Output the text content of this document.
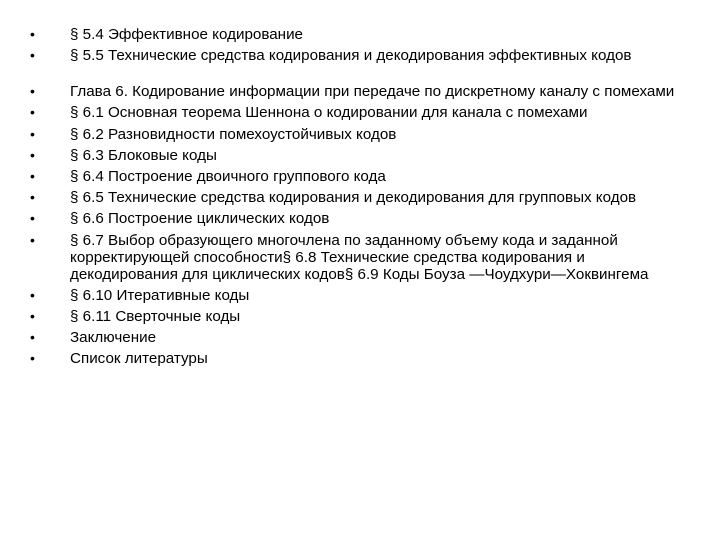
•	§ 5.4 Эффективное кодирование
•	§ 5.5 Технические средства кодирования и декодирования эффективных кодов
•	Глава 6. Кодирование информации при передаче по дискретному каналу с помехами
•	§ 6.1 Основная теорема Шеннона о кодировании для канала с помехами
•	§ 6.2 Разновидности помехоустойчивых кодов
•	§ 6.3 Блоковые коды
•	§ 6.4 Построение двоичного группового кода
•	§ 6.5 Технические средства кодирования и декодирования для групповых кодов
•	§ 6.6 Построение циклических кодов
•	§ 6.7 Выбор образующего многочлена по заданному объему кода и заданной корректирующей способности§ 6.8 Технические средства кодирования и декодирования для циклических кодов§ 6.9 Коды Боуза —Чоудхури—Хоквингема
•	§ 6.10 Итеративные коды
•	§ 6.11 Сверточные коды
•	Заключение
•	Список литературы
